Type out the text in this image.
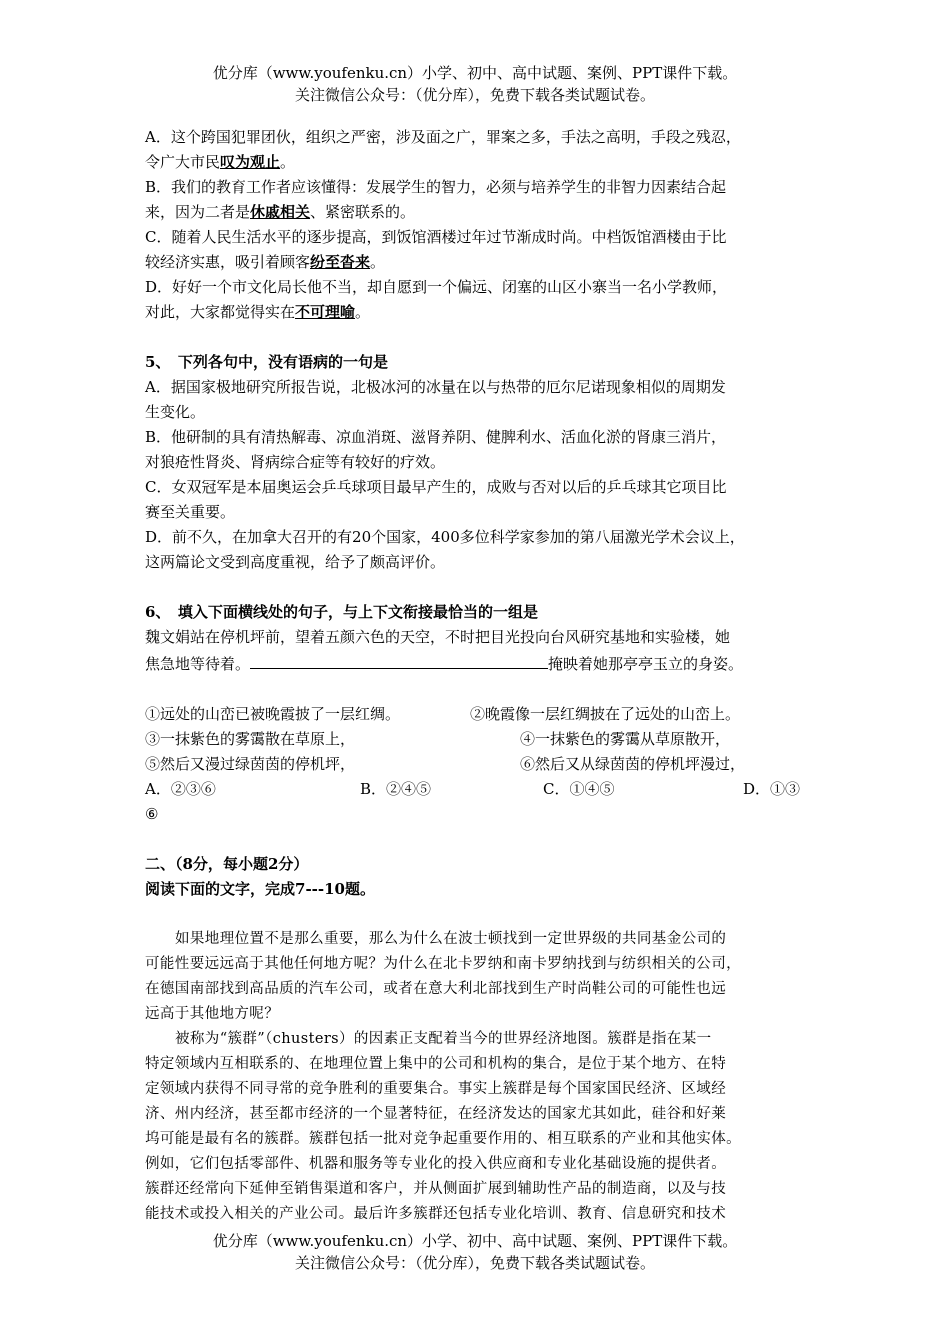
优分库（www.youfenku.cn）小学、初中、高中试题、案例、PPT课件下载。
关注微信公众号：（优分库），免费下载各类试题试卷。

A．这个跨国犯罪团伙，组织之严密，涉及面之广，罪案之多，手法之高明，手段之残忍，

令广大市民叹为观止。

B．我们的教育工作者应该懂得：发展学生的智力，必须与培养学生的非智力因素结合起

来，因为二者是休戚相关、紧密联系的。

C．随着人民生活水平的逐步提高，到饭馆酒楼过年过节渐成时尚。中档饭馆酒楼由于比

较经济实惠，吸引着顾客纷至沓来。

D．好好一个市文化局长他不当，却自愿到一个偏远、闭塞的山区小寨当一名小学教师，

对此，大家都觉得实在不可理喻。

5、　下列各句中，没有语病的一句是

A．据国家极地研究所报告说，北极冰河的冰量在以与热带的厄尔尼诺现象相似的周期发

生变化。

B．他研制的具有清热解毒、凉血消斑、滋肾养阴、健脾利水、活血化淤的肾康三消片，

对狼疮性肾炎、肾病综合症等有较好的疗效。

C．女双冠军是本届奥运会乒乓球项目最早产生的，成败与否对以后的乒乓球其它项目比

赛至关重要。

D．前不久，在加拿大召开的有20个国家，400多位科学家参加的第八届激光学术会议上，

这两篇论文受到高度重视，给予了颇高评价。

6、　填入下面横线处的句子，与上下文衔接最恰当的一组是

魏文娟站在停机坪前，望着五颜六色的天空，不时把目光投向台风研究基地和实验楼，她

焦急地等待着。	掩映着她那亭亭玉立的身姿。

①远处的山峦已被晚霞披了一层红绸。	②晚霞像一层红绸披在了远处的山峦上。
③一抹紫色的雾霭散在草原上，	④一抹紫色的雾霭从草原散开，
⑤然后又漫过绿茵茵的停机坪，	⑥然后又从绿茵茵的停机坪漫过，
A．②③⑥	B．②④⑤	C．①④⑤	D．①③

⑥

二、（8分，每小题2分）

阅读下面的文字，完成7---10题。

如果地理位置不是那么重要，那么为什么在波士顿找到一定世界级的共同基金公司的

可能性要远远高于其他任何地方呢？为什么在北卡罗纳和南卡罗纳找到与纺织相关的公司，

在德国南部找到高品质的汽车公司，或者在意大利北部找到生产时尚鞋公司的可能性也远

远高于其他地方呢？

被称为“簇群”（chusters）的因素正支配着当今的世界经济地图。簇群是指在某一

特定领域内互相联系的、在地理位置上集中的公司和机构的集合，是位于某个地方、在特

定领域内获得不同寻常的竞争胜利的重要集合。事实上簇群是每个国家国民经济、区域经

济、州内经济，甚至都市经济的一个显著特征，在经济发达的国家尤其如此，硅谷和好莱

坞可能是最有名的簇群。簇群包括一批对竞争起重要作用的、相互联系的产业和其他实体。

例如，它们包括零部件、机器和服务等专业化的投入供应商和专业化基础设施的提供者。

簇群还经常向下延伸至销售渠道和客户，并从侧面扩展到辅助性产品的制造商，以及与技

能技术或投入相关的产业公司。最后许多簇群还包括专业化培训、教育、信息研究和技术

优分库（www.youfenku.cn）小学、初中、高中试题、案例、PPT课件下载。
关注微信公众号：（优分库），免费下载各类试题试卷。
